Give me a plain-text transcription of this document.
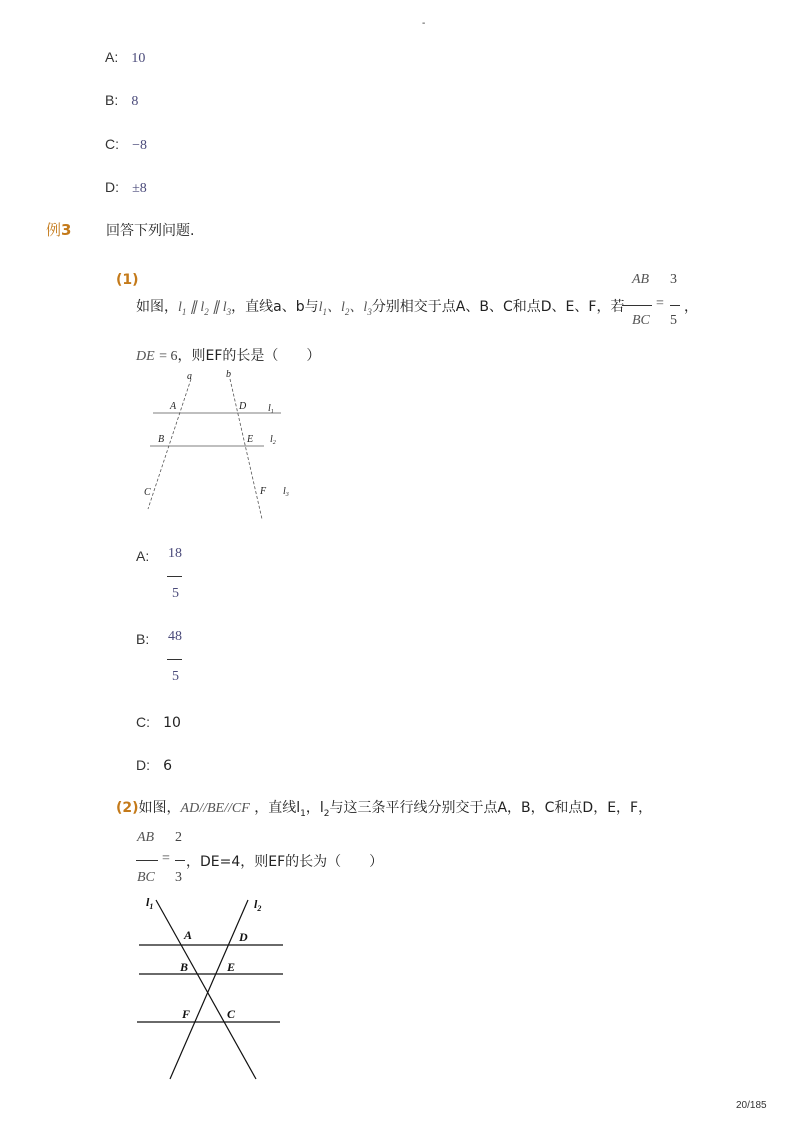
-
A: 10
B: 8
C: −8
D: ±8
例3 回答下列问题.
(1)	AB 3
如图，$l_1$ ∥ $l_2$ ∥ $l_3$，直线a、b与$l_1$、$l_2$、$l_3$分别相交于点A、B、C和点D、E、F，若 = ，
BC 5
DE = 6，则EF的长是（　　）
a	b
A	D $l_1$
B	E $l_2$
C	F $l_3$
A: 18
5
B: 48
5
C: 10
D: 6
(2)如图，AD//BE//CF ，直线$l_1$，$l_2$与这三条平行线分别交于点A，B，C和点D，E，F，
AB 2
= ，DE=4，则EF的长为（　　）
BC 3
$l_1$	$l_2$
A	D
B	E
F	C
20/185
